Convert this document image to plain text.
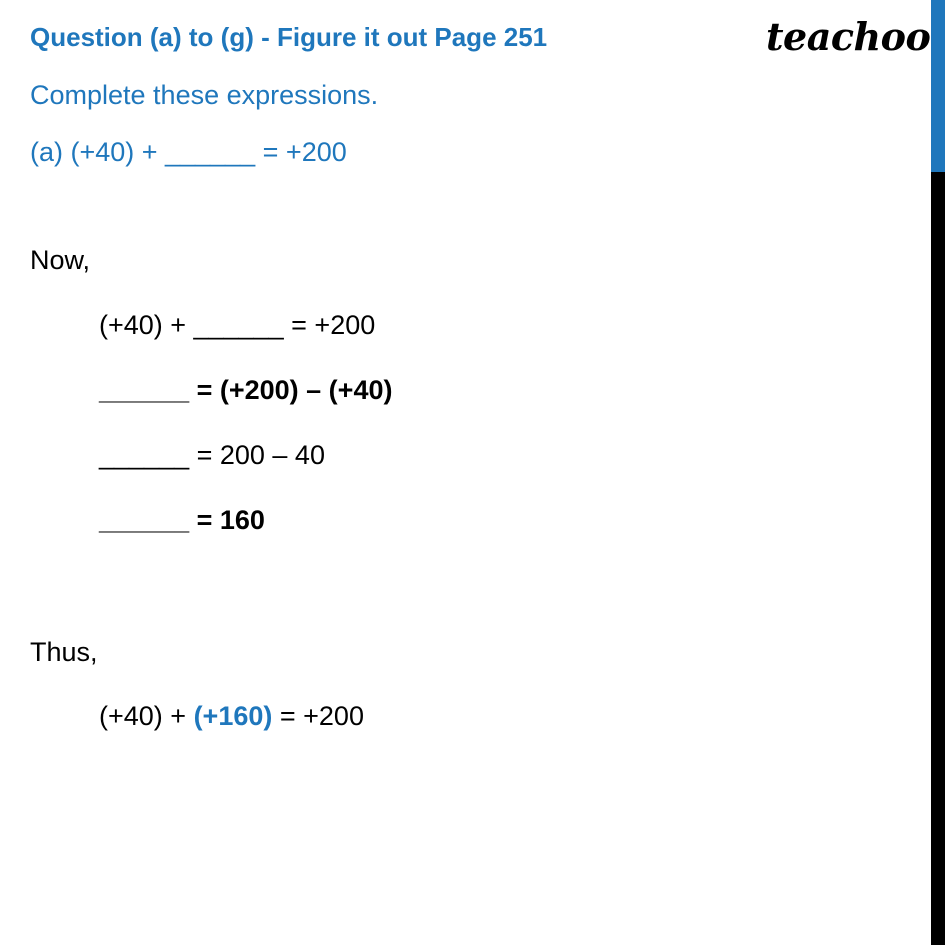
Question (a) to (g) - Figure it out Page 251	teachoo
Complete these expressions.
(a) (+40) + ______ = +200
Now,
(+40) + ______ = +200
______ = (+200) – (+40)
______ = 200 – 40
______ = 160
Thus,
(+40) + (+160) = +200
